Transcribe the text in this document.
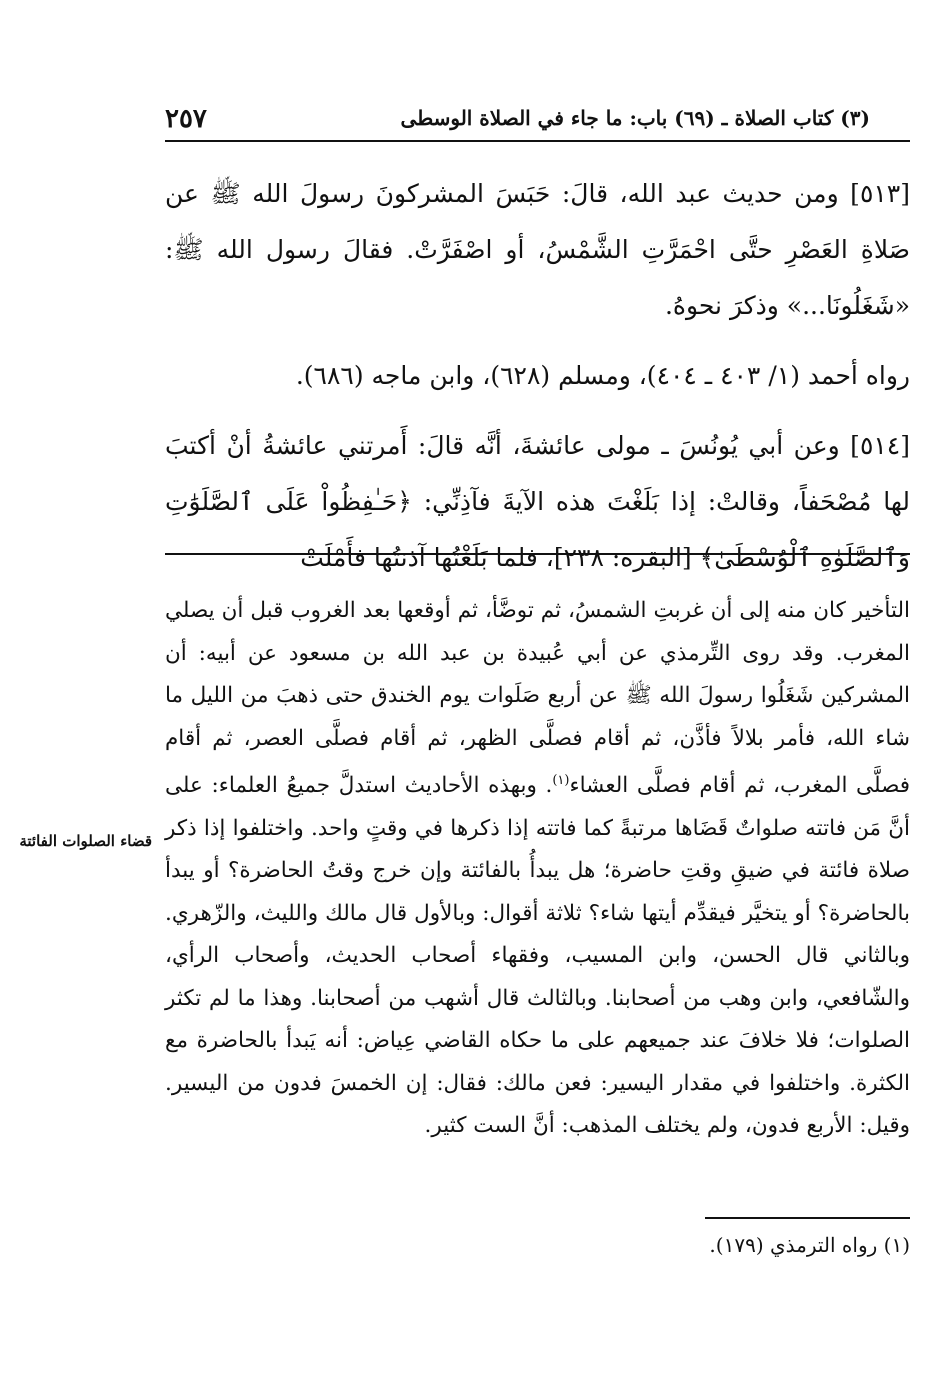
٢٥٧	(٣) كتاب الصلاة ـ (٦٩) باب: ما جاء في الصلاة الوسطى

[٥١٣] ومن حديث عبد الله، قالَ: حَبَسَ المشركونَ رسولَ الله ﷺ عن صَلاةِ العَصْرِ حتَّى احْمَرَّتِ الشَّمْسُ، أو اصْفَرَّتْ. فقالَ رسول الله ﷺ: «شَغَلُونَا...» وذكرَ نحوهُ.

رواه أحمد (١/ ٤٠٣ ـ ٤٠٤)، ومسلم (٦٢٨)، وابن ماجه (٦٨٦).

[٥١٤] وعن أبي يُونُسَ ـ مولى عائشةَ، أنَّه قالَ: أَمرتني عائشةُ أنْ أكتبَ لها مُصْحَفاً، وقالتْ: إذا بَلَغْتَ هذه الآيةَ فآذِنِّي: ﴿حَـٰفِظُواْ عَلَى ٱلصَّلَوَٰتِ وَٱلصَّلَوٰةِ ٱلْوُسْطَىٰ﴾ [البقرة: ٢٣٨]، فلما بَلَغْتُها آذنتُها فأَمْلَتْ

التأخير كان منه إلى أن غربتِ الشمسُ، ثم توضَّأ، ثم أوقعها بعد الغروب قبل أن يصلي المغرب. وقد روى التِّرمذي عن أبي عُبيدة بن عبد الله بن مسعود عن أبيه: أن المشركين شَغَلُوا رسولَ الله ﷺ عن أربع صَلَوات يوم الخندق حتى ذهبَ من الليل ما شاء الله، فأمر بلالاً فأذَّن، ثم أقام فصلَّى الظهر، ثم أقام فصلَّى العصر، ثم أقام فصلَّى المغرب، ثم أقام فصلَّى العشاء$^{(١)}$. وبهذه الأحاديث استدلَّ جميعُ العلماء: على أنَّ مَن فاتته صلواتٌ قَضَاها مرتبةً كما فاتته إذا ذكرها في وقتٍ واحد. واختلفوا إذا ذكر صلاة فائتة في ضيقِ وقتِ حاضرة؛ هل يبدأُ بالفائتة وإن خرج وقتُ الحاضرة؟ أو يبدأ بالحاضرة؟ أو يتخيَّر فيقدِّم أيتها شاء؟ ثلاثة أقوال: وبالأول قال مالك والليث، والزّهري. وبالثاني قال الحسن، وابن المسيب، وفقهاء أصحاب الحديث، وأصحاب الرأي، والشّافعي، وابن وهب من أصحابنا. وبالثالث قال أشهب من أصحابنا. وهذا ما لم تكثر الصلوات؛ فلا خلافَ عند جميعهم على ما حكاه القاضي عِياض: أنه يَبدأ بالحاضرة مع الكثرة. واختلفوا في مقدار اليسير: فعن مالك: فقال: إن الخمسَ فدون من اليسير. وقيل: الأربع فدون، ولم يختلف المذهب: أنَّ الست كثير.

قضاء الصلوات الفائتة

(١) رواه الترمذي (١٧٩).
